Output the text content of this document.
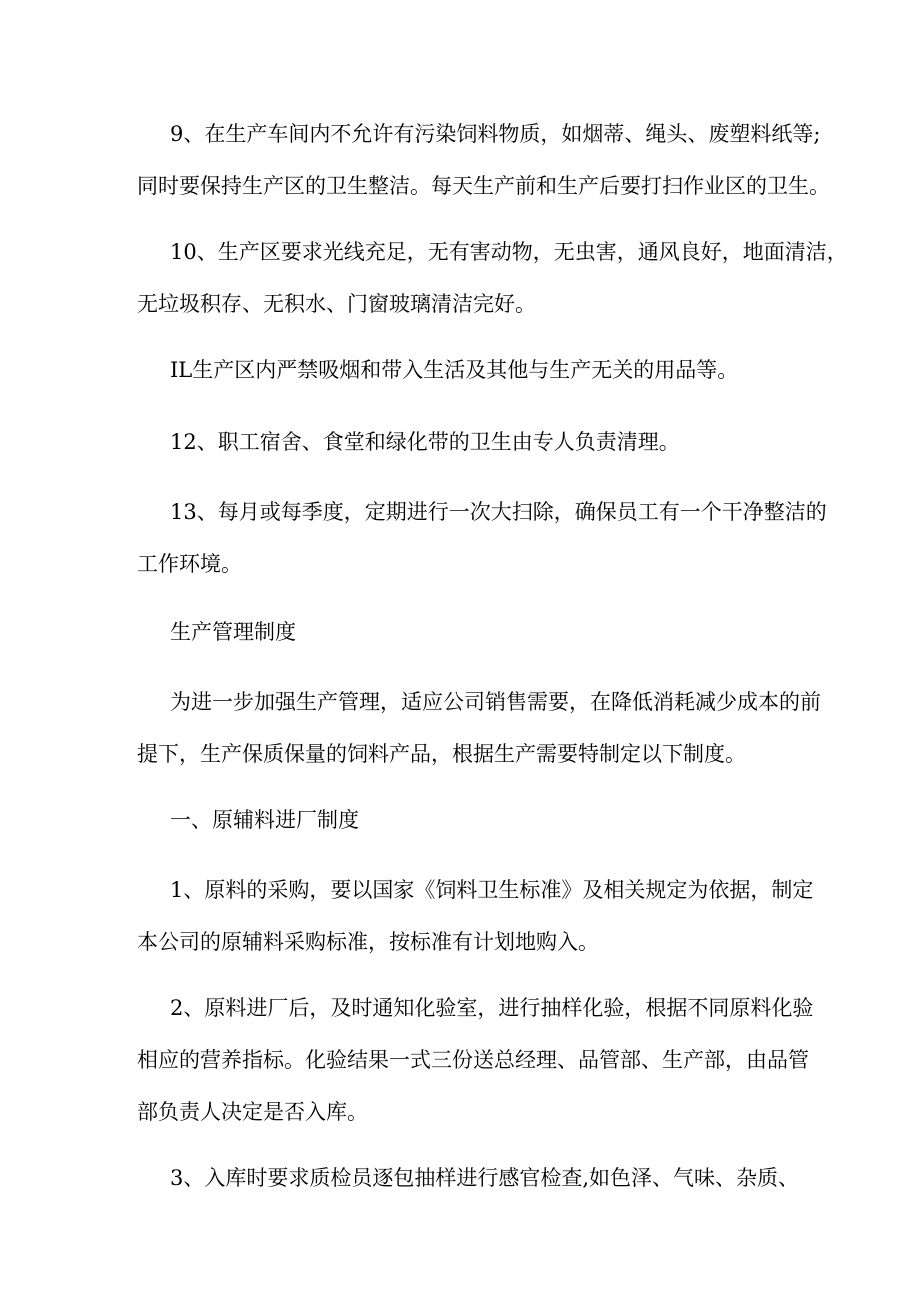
9、在生产车间内不允许有污染饲料物质，如烟蒂、绳头、废塑料纸等;
同时要保持生产区的卫生整洁。每天生产前和生产后要打扫作业区的卫生。
10、生产区要求光线充足，无有害动物，无虫害，通风良好，地面清洁，
无垃圾积存、无积水、门窗玻璃清洁完好。
IL生产区内严禁吸烟和带入生活及其他与生产无关的用品等。
12、职工宿舍、食堂和绿化带的卫生由专人负责清理。
13、每月或每季度，定期进行一次大扫除，确保员工有一个干净整洁的
工作环境。
生产管理制度
为进一步加强生产管理，适应公司销售需要，在降低消耗减少成本的前
提下，生产保质保量的饲料产品，根据生产需要特制定以下制度。
一、原辅料进厂制度
1、原料的采购，要以国家《饲料卫生标准》及相关规定为依据，制定
本公司的原辅料采购标准，按标准有计划地购入。
2、原料进厂后，及时通知化验室，进行抽样化验，根据不同原料化验
相应的营养指标。化验结果一式三份送总经理、品管部、生产部，由品管
部负责人决定是否入库。
3、入库时要求质检员逐包抽样进行感官检查,如色泽、气味、杂质、
